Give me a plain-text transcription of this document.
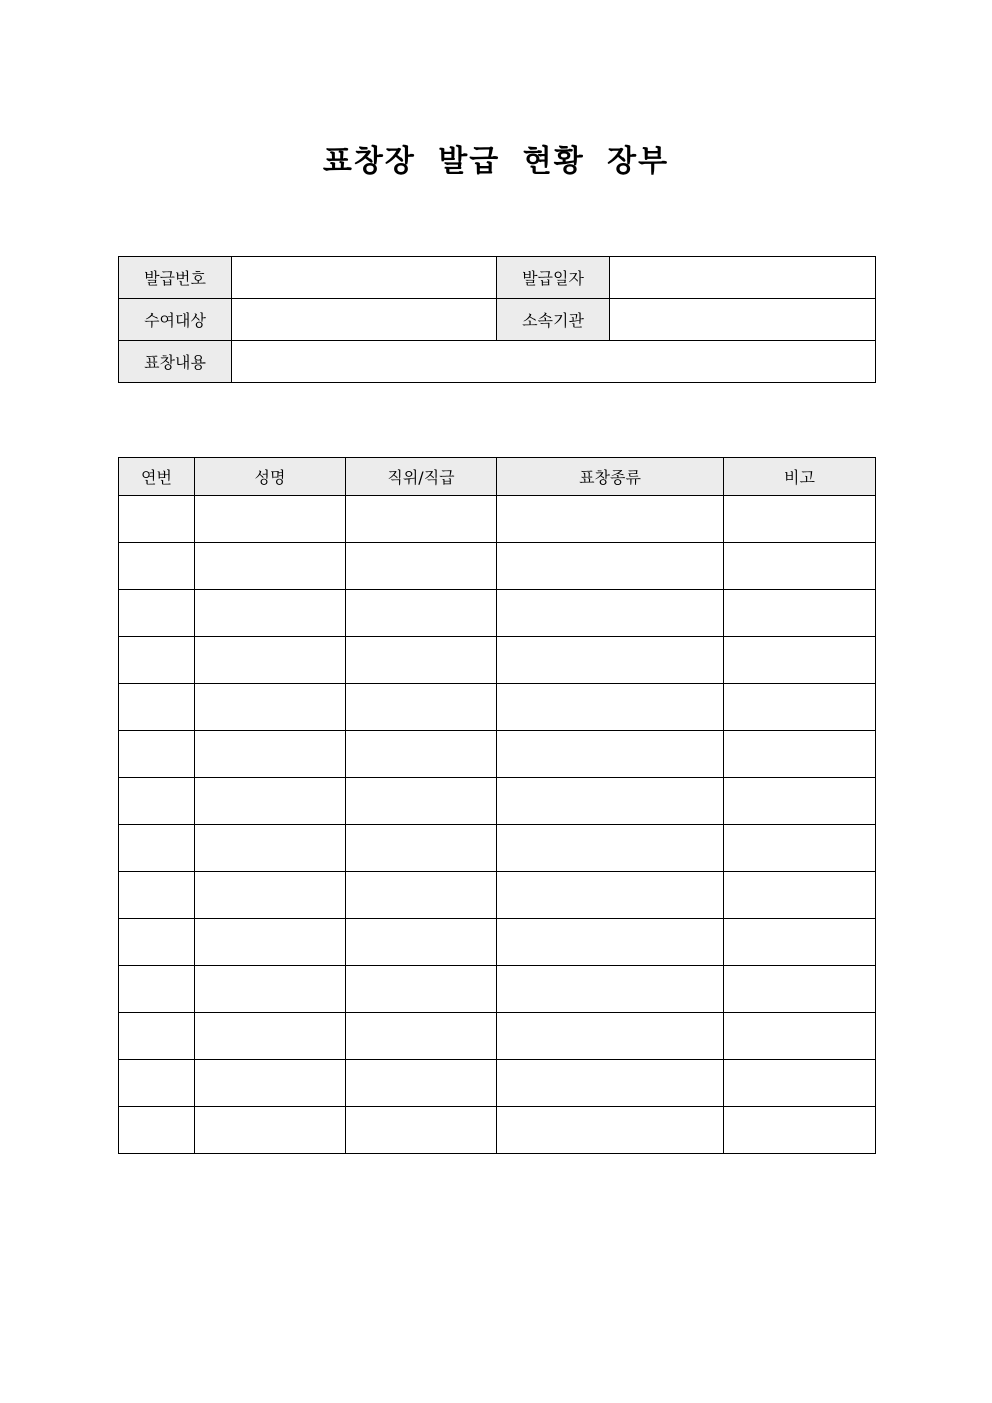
표창장 발급 현황 장부
발급번호		발급일자	
수여대상		소속기관	
표창내용			
연번	성명	직위/직급	표창종류	비고
